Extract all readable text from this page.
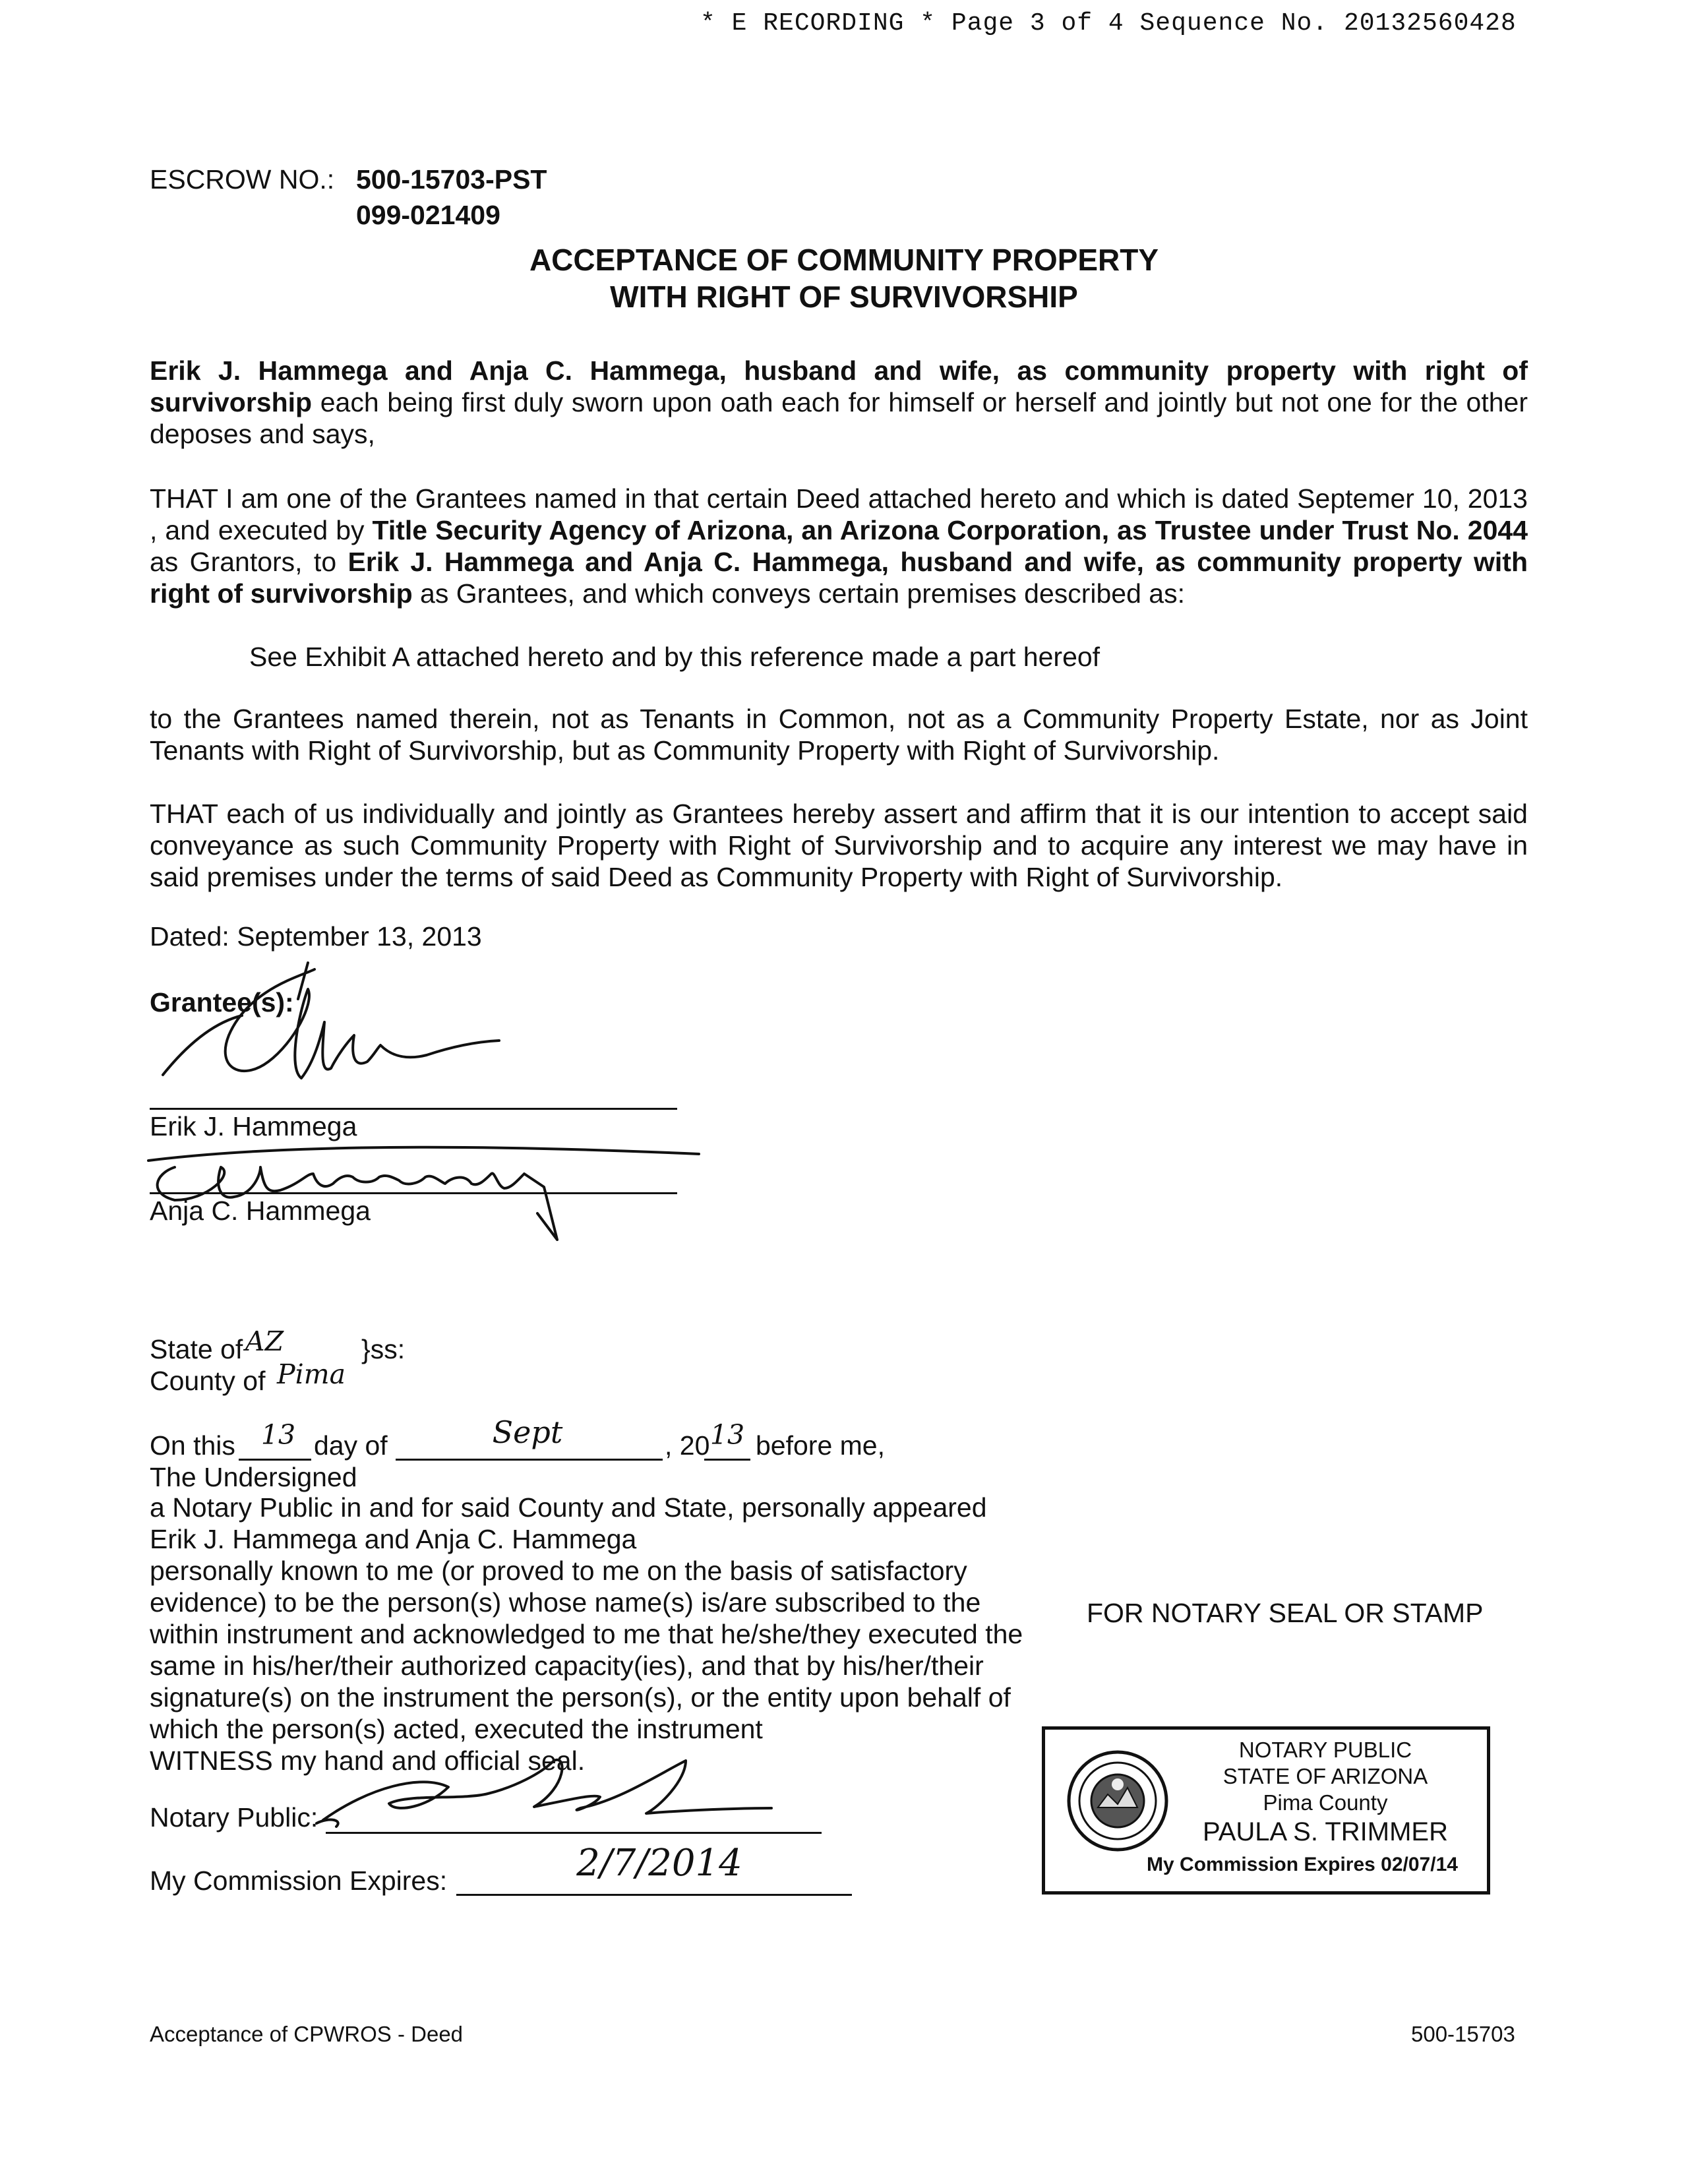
* E RECORDING * Page 3 of 4 Sequence No. 20132560428
ESCROW NO.: 500-15703-PST
099-021409
ACCEPTANCE OF COMMUNITY PROPERTY
WITH RIGHT OF SURVIVORSHIP
Erik J. Hammega and Anja C. Hammega, husband and wife, as community property with right of survivorship each being first duly sworn upon oath each for himself or herself and jointly but not one for the other deposes and says,
THAT I am one of the Grantees named in that certain Deed attached hereto and which is dated Septemer 10, 2013 , and executed by Title Security Agency of Arizona, an Arizona Corporation, as Trustee under Trust No. 2044 as Grantors, to Erik J. Hammega and Anja C. Hammega, husband and wife, as community property with right of survivorship as Grantees, and which conveys certain premises described as:
See Exhibit A attached hereto and by this reference made a part hereof
to the Grantees named therein, not as Tenants in Common, not as a Community Property Estate, nor as Joint Tenants with Right of Survivorship, but as Community Property with Right of Survivorship.
THAT each of us individually and jointly as Grantees hereby assert and affirm that it is our intention to accept said conveyance as such Community Property with Right of Survivorship and to acquire any interest we may have in said premises under the terms of said Deed as Community Property with Right of Survivorship.
Dated: September 13, 2013
Grantee(s):
Erik J. Hammega
Anja C. Hammega
State of AZ	}ss:
County of Pima
On this 13 day of	Sept	, 20 13 before me,
The Undersigned
a Notary Public in and for said County and State, personally appeared
Erik J. Hammega and Anja C. Hammega
personally known to me (or proved to me on the basis of satisfactory
evidence) to be the person(s) whose name(s) is/are subscribed to the
within instrument and acknowledged to me that he/she/they executed the
same in his/her/their authorized capacity(ies), and that by his/her/their
signature(s) on the instrument the person(s), or the entity upon behalf of
which the person(s) acted, executed the instrument
WITNESS my hand and official seal.
Notary Public:
My Commission Expires:	2/7/2014
FOR NOTARY SEAL OR STAMP
NOTARY PUBLIC
STATE OF ARIZONA
Pima County
PAULA S. TRIMMER
My Commission Expires 02/07/14
Acceptance of CPWROS - Deed	500-15703
